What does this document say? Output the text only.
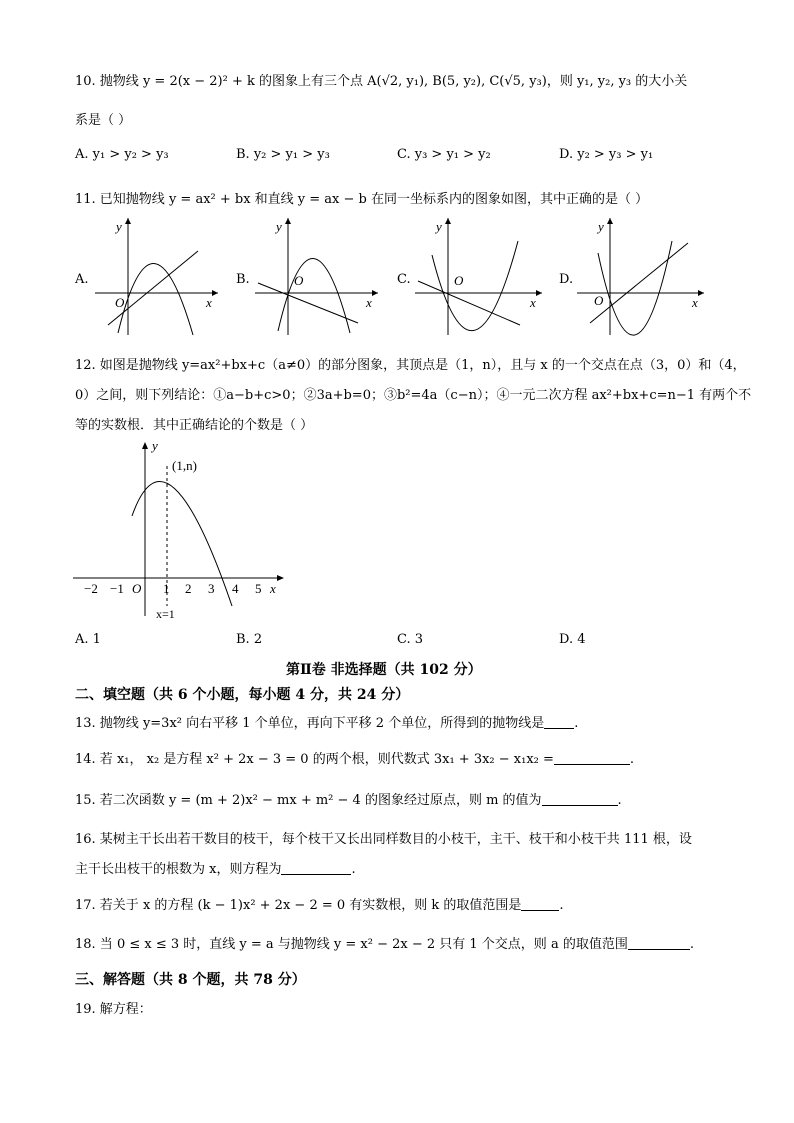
10. 抛物线 y = 2(x − 2)² + k 的图象上有三个点 A(√2, y₁), B(5, y₂), C(√5, y₃)，则 y₁, y₂, y₃ 的大小关
系是（ ）
A. y₁ > y₂ > y₃	B. y₂ > y₁ > y₃	C. y₃ > y₁ > y₂	D. y₂ > y₃ > y₁
11. 已知抛物线 y = ax² + bx 和直线 y = ax − b 在同一坐标系内的图象如图，其中正确的是（ ）
A.
y
x
O
B.
y
x
O	C.
y
x
O	D.
y
x
O
12. 如图是抛物线 y=ax²+bx+c（a≠0）的部分图象，其顶点是（1，n），且与 x 的一个交点在点（3，0）和（4，
0）之间，则下列结论：①a−b+c>0；②3a+b=0；③b²=4a（c−n）；④一元二次方程 ax²+bx+c=n−1 有两个不
等的实数根．其中正确结论的个数是（ ）
−2 −1	1 2 3 4 5
O	x
y
(1,n)
x=1
A. 1	B. 2	C. 3	D. 4
第Ⅱ卷 非选择题（共 102 分）
二、填空题（共 6 个小题，每小题 4 分，共 24 分）
13. 抛物线 y=3x² 向右平移 1 个单位，再向下平移 2 个单位，所得到的抛物线是 .
14. 若 x₁， x₂ 是方程 x² + 2x − 3 = 0 的两个根，则代数式 3x₁ + 3x₂ − x₁x₂ =	.
15. 若二次函数 y = (m + 2)x² − mx + m² − 4 的图象经过原点，则 m 的值为	.
16. 某树主干长出若干数目的枝干，每个枝干又长出同样数目的小枝干，主干、枝干和小枝干共 111 根，设
主干长出枝干的根数为 x，则方程为	.
17. 若关于 x 的方程 (k − 1)x² + 2x − 2 = 0 有实数根，则 k 的取值范围是	.
18. 当 0 ≤ x ≤ 3 时，直线 y = a 与抛物线 y = x² − 2x − 2 只有 1 个交点，则 a 的取值范围	.
三、解答题（共 8 个题，共 78 分）
19. 解方程：
